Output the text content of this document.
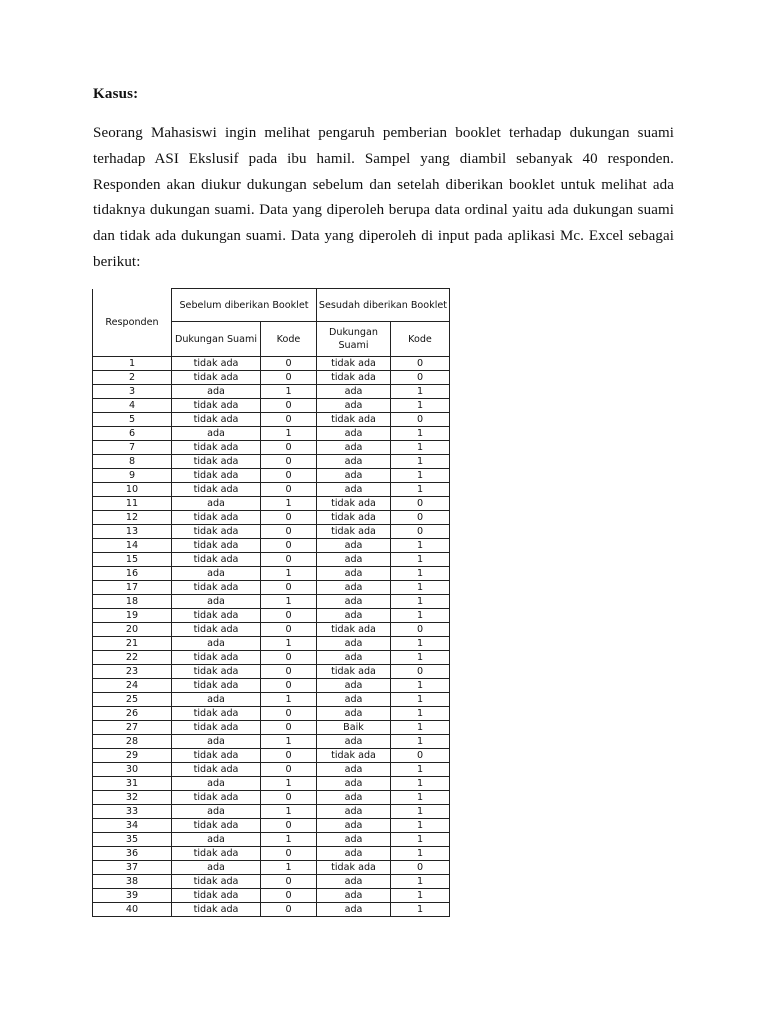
Kasus:
Seorang Mahasiswi ingin melihat pengaruh pemberian booklet terhadap dukungan suami terhadap ASI Ekslusif pada ibu hamil. Sampel yang diambil sebanyak 40 responden. Responden akan diukur dukungan sebelum dan setelah diberikan booklet untuk melihat ada tidaknya dukungan suami. Data yang diperoleh berupa data ordinal yaitu ada dukungan suami dan tidak ada dukungan suami. Data yang diperoleh di input pada aplikasi Mc. Excel sebagai berikut:
Responden	Sebelum diberikan Booklet		Sesudah diberikan Booklet	
	Dukungan Suami	Kode	Dukungan Suami	Kode
1	tidak ada	0	tidak ada	0
2	tidak ada	0	tidak ada	0
3	ada	1	ada	1
4	tidak ada	0	ada	1
5	tidak ada	0	tidak ada	0
6	ada	1	ada	1
7	tidak ada	0	ada	1
8	tidak ada	0	ada	1
9	tidak ada	0	ada	1
10	tidak ada	0	ada	1
11	ada	1	tidak ada	0
12	tidak ada	0	tidak ada	0
13	tidak ada	0	tidak ada	0
14	tidak ada	0	ada	1
15	tidak ada	0	ada	1
16	ada	1	ada	1
17	tidak ada	0	ada	1
18	ada	1	ada	1
19	tidak ada	0	ada	1
20	tidak ada	0	tidak ada	0
21	ada	1	ada	1
22	tidak ada	0	ada	1
23	tidak ada	0	tidak ada	0
24	tidak ada	0	ada	1
25	ada	1	ada	1
26	tidak ada	0	ada	1
27	tidak ada	0	Baik	1
28	ada	1	ada	1
29	tidak ada	0	tidak ada	0
30	tidak ada	0	ada	1
31	ada	1	ada	1
32	tidak ada	0	ada	1
33	ada	1	ada	1
34	tidak ada	0	ada	1
35	ada	1	ada	1
36	tidak ada	0	ada	1
37	ada	1	tidak ada	0
38	tidak ada	0	ada	1
39	tidak ada	0	ada	1
40	tidak ada	0	ada	1
